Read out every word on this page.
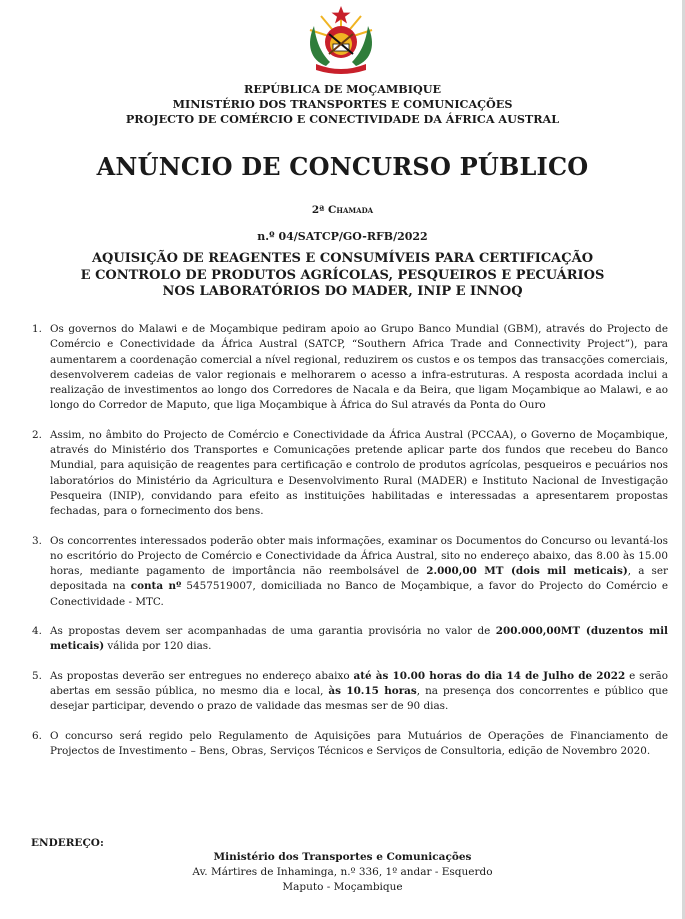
REPÚBLICA DE MOÇAMBIQUE
MINISTÉRIO DOS TRANSPORTES E COMUNICAÇÕES
PROJECTO DE COMÉRCIO E CONECTIVIDADE DA ÁFRICA AUSTRAL
ANÚNCIO DE CONCURSO PÚBLICO
2ª Chamada
n.º 04/SATCP/GO-RFB/2022
AQUISIÇÃO DE REAGENTES E CONSUMÍVEIS PARA CERTIFICAÇÃO
E CONTROLO DE PRODUTOS AGRÍCOLAS, PESQUEIROS E PECUÁRIOS
NOS LABORATÓRIOS DO MADER, INIP E INNOQ
1. Os governos do Malawi e de Moçambique pediram apoio ao Grupo Banco Mundial (GBM), através do Projecto de Comércio e Conectividade da África Austral (SATCP, “Southern Africa Trade and Connectivity Project”), para aumentarem a coordenação comercial a nível regional, reduzirem os custos e os tempos das transacções comerciais, desenvolverem cadeias de valor regionais e melhorarem o acesso a infra-estruturas. A resposta acordada inclui a realização de investimentos ao longo dos Corredores de Nacala e da Beira, que ligam Moçambique ao Malawi, e ao longo do Corredor de Maputo, que liga Moçambique à África do Sul através da Ponta do Ouro
2. Assim, no âmbito do Projecto de Comércio e Conectividade da África Austral (PCCAA), o Governo de Moçambique, através do Ministério dos Transportes e Comunicações pretende aplicar parte dos fundos que recebeu do Banco Mundial, para aquisição de reagentes para certificação e controlo de produtos agrícolas, pesqueiros e pecuários nos laboratórios do Ministério da Agricultura e Desenvolvimento Rural (MADER) e Instituto Nacional de Investigação Pesqueira (INIP), convidando para efeito as instituições habilitadas e interessadas a apresentarem propostas fechadas, para o fornecimento dos bens.
3. Os concorrentes interessados poderão obter mais informações, examinar os Documentos do Concurso ou levantá-los no escritório do Projecto de Comércio e Conectividade da África Austral, sito no endereço abaixo, das 8.00 às 15.00 horas, mediante pagamento de importância não reembolsável de 2.000,00 MT (dois mil meticais), a ser depositada na conta nº 5457519007, domiciliada no Banco de Moçambique, a favor do Projecto do Comércio e Conectividade - MTC.
4. As propostas devem ser acompanhadas de uma garantia provisória no valor de 200.000,00MT (duzentos mil meticais) válida por 120 dias.
5. As propostas deverão ser entregues no endereço abaixo até às 10.00 horas do dia 14 de Julho de 2022 e serão abertas em sessão pública, no mesmo dia e local, às 10.15 horas, na presença dos concorrentes e público que desejar participar, devendo o prazo de validade das mesmas ser de 90 dias.
6. O concurso será regido pelo Regulamento de Aquisições para Mutuários de Operações de Financiamento de Projectos de Investimento – Bens, Obras, Serviços Técnicos e Serviços de Consultoria, edição de Novembro 2020.
ENDEREÇO:
Ministério dos Transportes e Comunicações
Av. Mártires de Inhaminga, n.º 336, 1º andar - Esquerdo
Maputo - Moçambique
